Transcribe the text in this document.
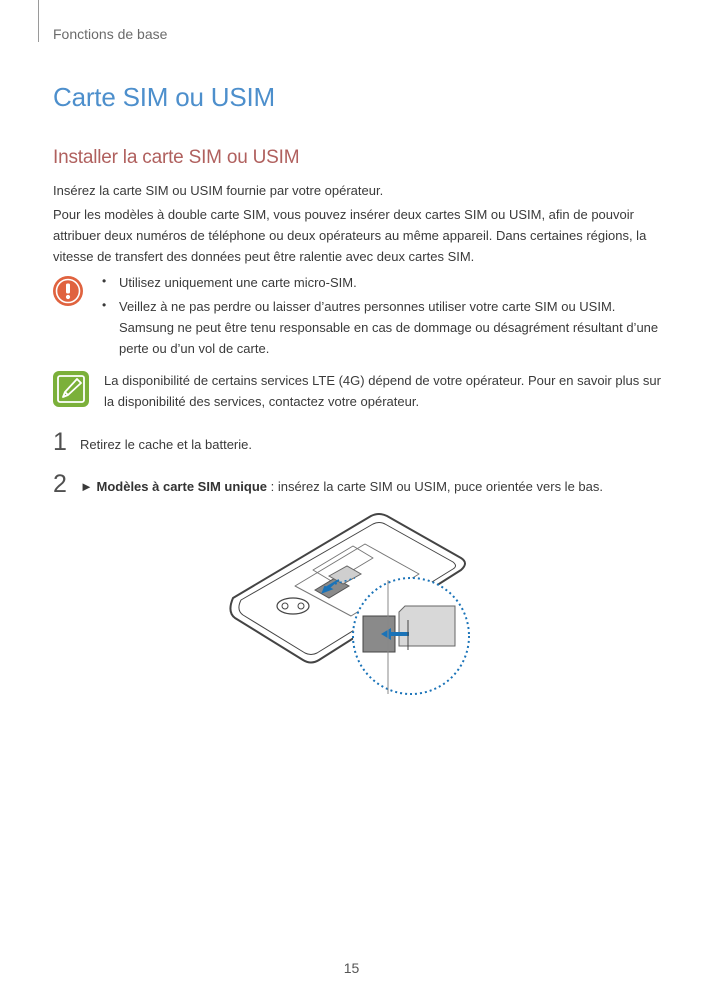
Fonctions de base
Carte SIM ou USIM
Installer la carte SIM ou USIM
Insérez la carte SIM ou USIM fournie par votre opérateur.
Pour les modèles à double carte SIM, vous pouvez insérer deux cartes SIM ou USIM, afin de pouvoir attribuer deux numéros de téléphone ou deux opérateurs au même appareil. Dans certaines régions, la vitesse de transfert des données peut être ralentie avec deux cartes SIM.

• Utilisez uniquement une carte micro-SIM.

• Veillez à ne pas perdre ou laisser d’autres personnes utiliser votre carte SIM ou USIM. Samsung ne peut être tenu responsable en cas de dommage ou désagrément résultant d’une perte ou d’un vol de carte.

La disponibilité de certains services LTE (4G) dépend de votre opérateur. Pour en savoir plus sur la disponibilité des services, contactez votre opérateur.
1 Retirez le cache et la batterie.
2 ► Modèles à carte SIM unique : insérez la carte SIM ou USIM, puce orientée vers le bas.
15
